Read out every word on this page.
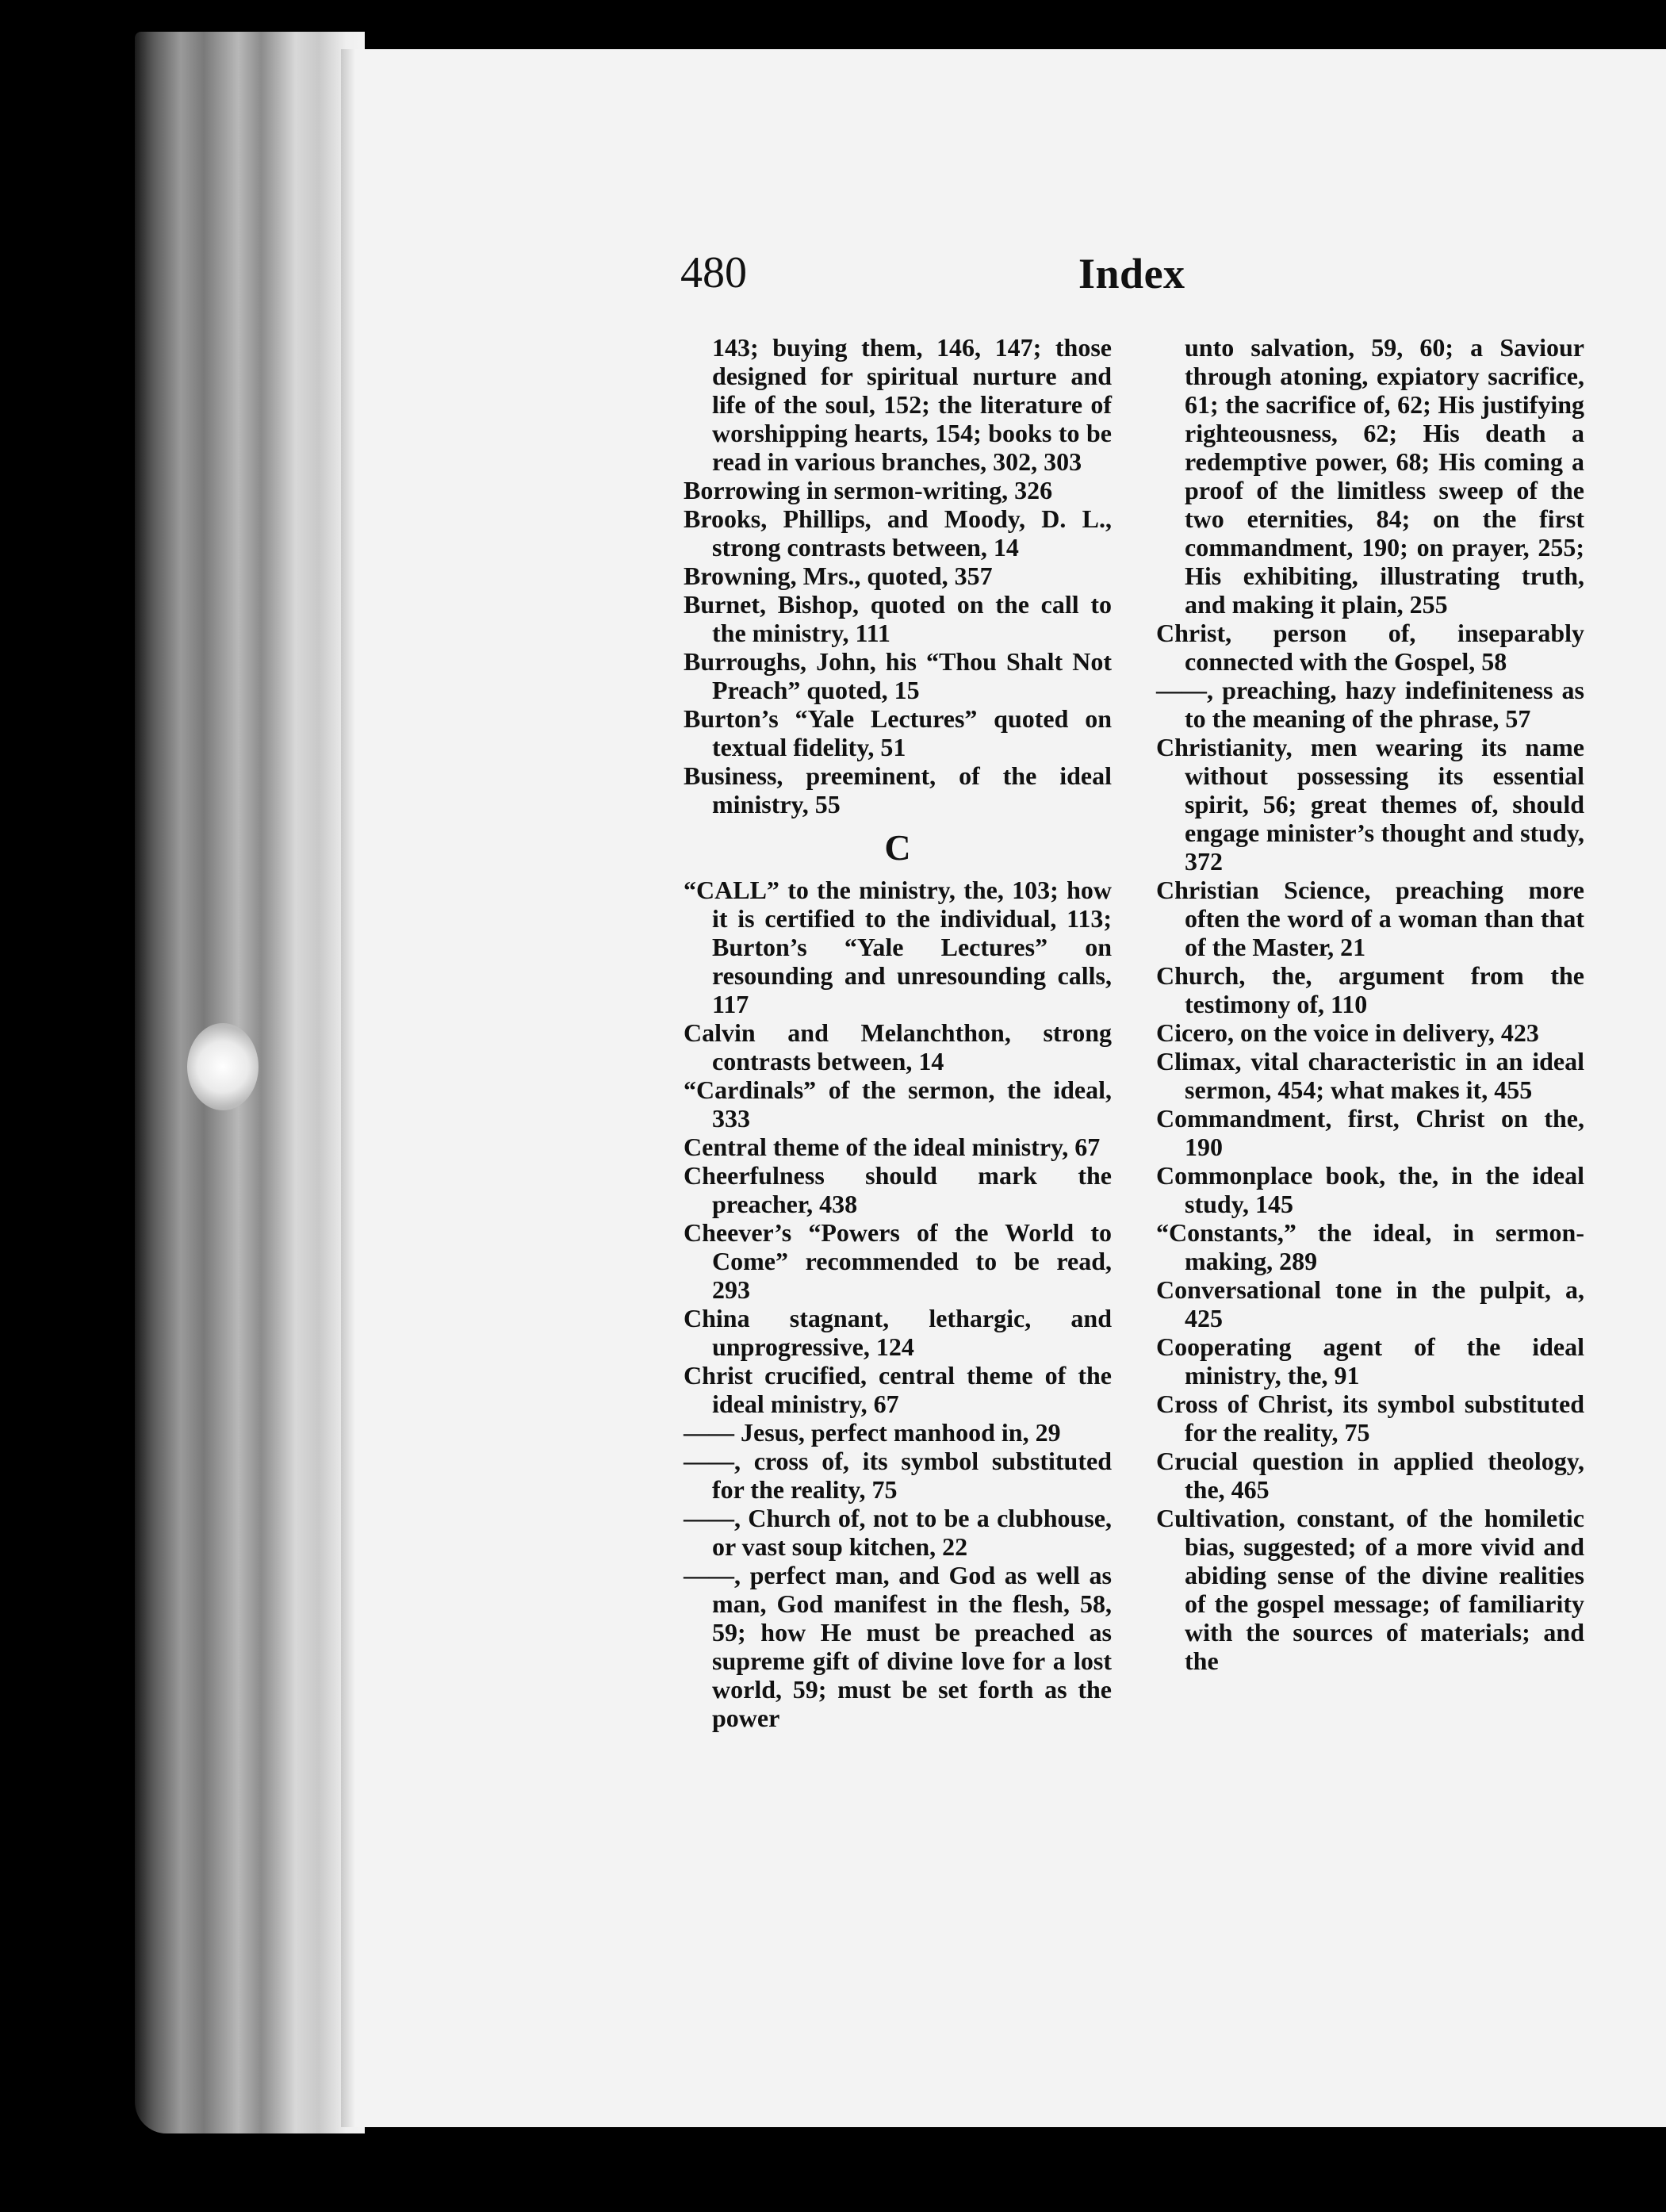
480	Index

143; buying them, 146, 147; those designed for spiritual nurture and life of the soul, 152; the literature of worshipping hearts, 154; books to be read in various branches, 302, 303

Borrowing in sermon-writing, 326

Brooks, Phillips, and Moody, D. L., strong contrasts between, 14

Browning, Mrs., quoted, 357

Burnet, Bishop, quoted on the call to the ministry, 111

Burroughs, John, his “Thou Shalt Not Preach” quoted, 15

Burton’s “Yale Lectures” quoted on textual fidelity, 51

Business, preeminent, of the ideal ministry, 55

C

“CALL” to the ministry, the, 103; how it is certified to the individual, 113; Burton’s “Yale Lectures” on resounding and unresounding calls, 117

Calvin and Melanchthon, strong contrasts between, 14

“Cardinals” of the sermon, the ideal, 333

Central theme of the ideal ministry, 67

Cheerfulness should mark the preacher, 438

Cheever’s “Powers of the World to Come” recommended to be read, 293

China stagnant, lethargic, and unprogressive, 124

Christ crucified, central theme of the ideal ministry, 67

—— Jesus, perfect manhood in, 29

——, cross of, its symbol substituted for the reality, 75

——, Church of, not to be a clubhouse, or vast soup kitchen, 22

——, perfect man, and God as well as man, God manifest in the flesh, 58, 59; how He must be preached as supreme gift of divine love for a lost world, 59; must be set forth as the power

unto salvation, 59, 60; a Saviour through atoning, expiatory sacrifice, 61; the sacrifice of, 62; His justifying righteousness, 62; His death a redemptive power, 68; His coming a proof of the limitless sweep of the two eternities, 84; on the first commandment, 190; on prayer, 255; His exhibiting, illustrating truth, and making it plain, 255

Christ, person of, inseparably connected with the Gospel, 58

——, preaching, hazy indefiniteness as to the meaning of the phrase, 57

Christianity, men wearing its name without possessing its essential spirit, 56; great themes of, should engage minister’s thought and study, 372

Christian Science, preaching more often the word of a woman than that of the Master, 21

Church, the, argument from the testimony of, 110

Cicero, on the voice in delivery, 423

Climax, vital characteristic in an ideal sermon, 454; what makes it, 455

Commandment, first, Christ on the, 190

Commonplace book, the, in the ideal study, 145

“Constants,” the ideal, in sermon-making, 289

Conversational tone in the pulpit, a, 425

Cooperating agent of the ideal ministry, the, 91

Cross of Christ, its symbol substituted for the reality, 75

Crucial question in applied theology, the, 465

Cultivation, constant, of the homiletic bias, suggested; of a more vivid and abiding sense of the divine realities of the gospel message; of familiarity with the sources of materials; and the
